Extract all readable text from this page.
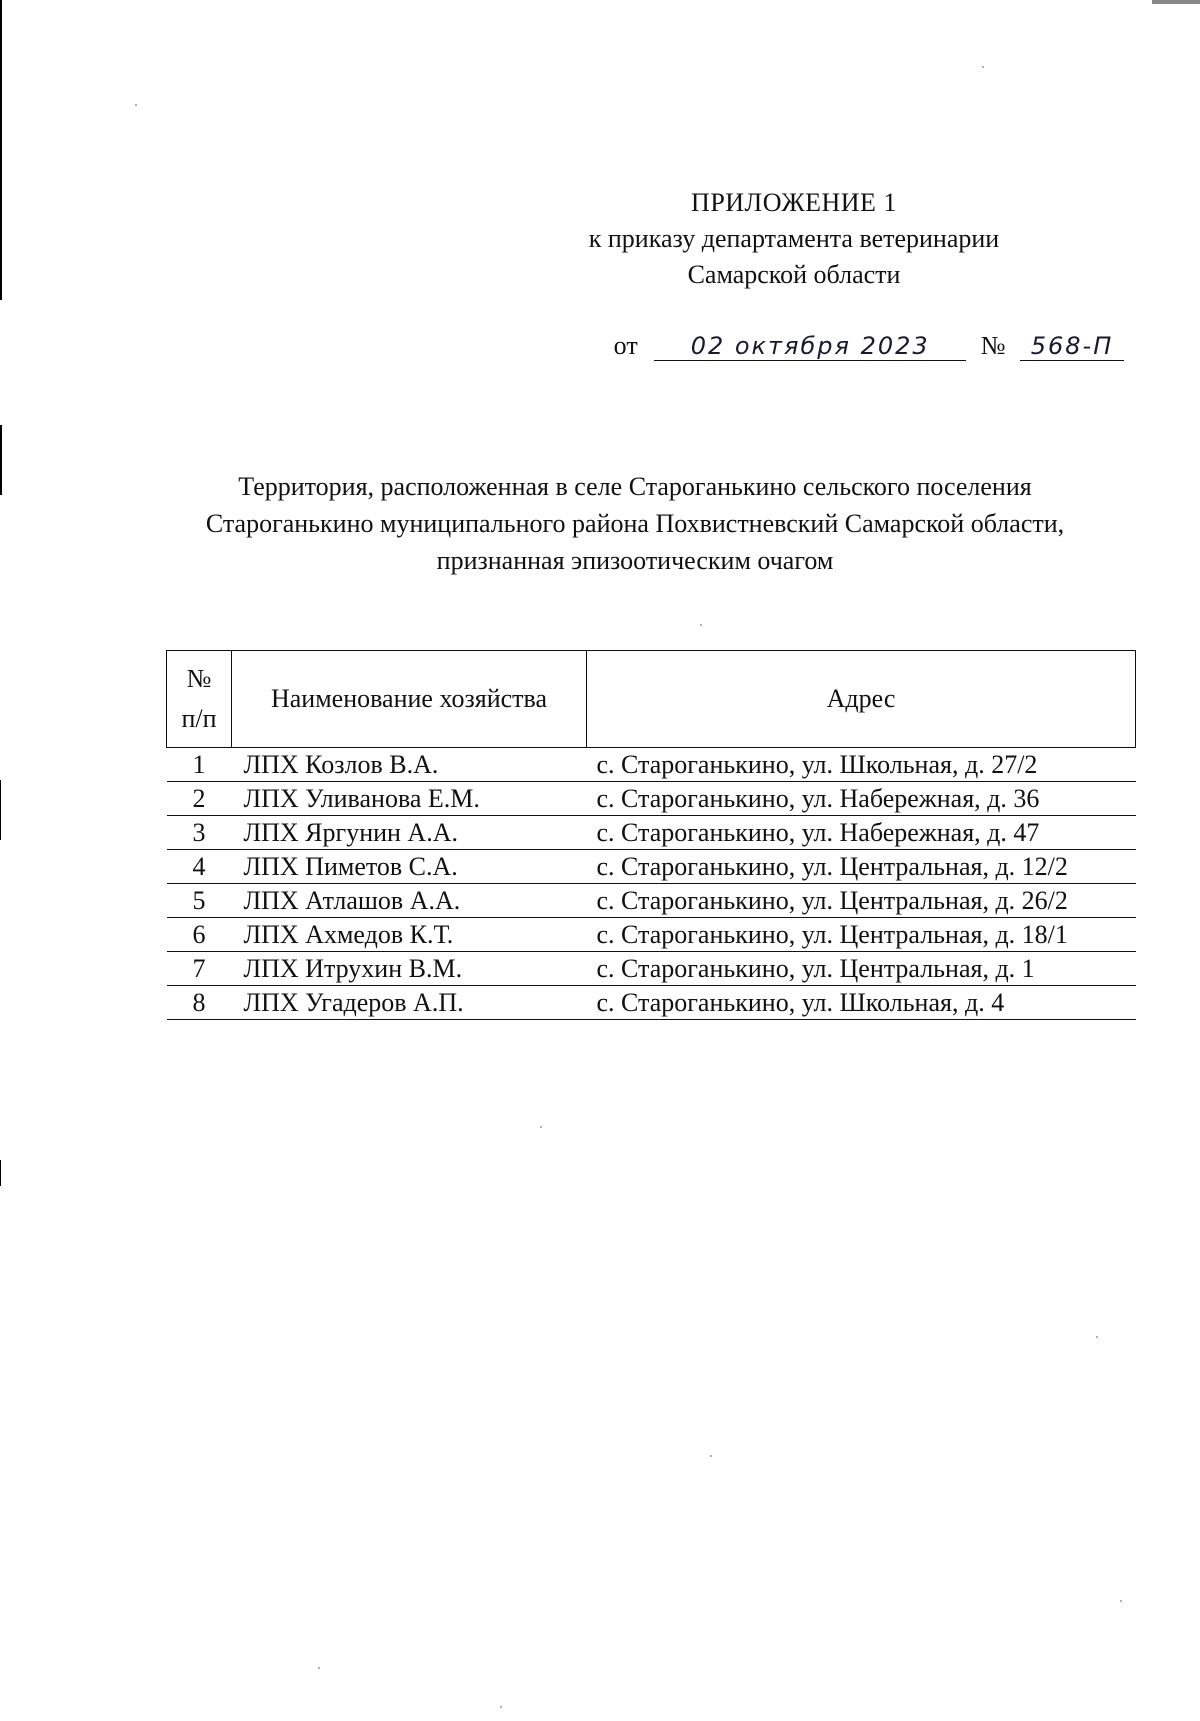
ПРИЛОЖЕНИЕ 1
к приказу департамента ветеринарии
Самарской области
от 02 октября 2023 № 568-П
Территория, расположенная в селе Староганькино сельского поселения
Староганькино муниципального района Похвистневский Самарской области,
признанная эпизоотическим очагом
№
п/п	Наименование хозяйства	Адрес
1	ЛПХ Козлов В.А.	с. Староганькино, ул. Школьная, д. 27/2
2	ЛПХ Уливанова Е.М.	с. Староганькино, ул. Набережная, д. 36
3	ЛПХ Яргунин А.А.	с. Староганькино, ул. Набережная, д. 47
4	ЛПХ Пиметов С.А.	с. Староганькино, ул. Центральная, д. 12/2
5	ЛПХ Атлашов А.А.	с. Староганькино, ул. Центральная, д. 26/2
6	ЛПХ Ахмедов К.Т.	с. Староганькино, ул. Центральная, д. 18/1
7	ЛПХ Итрухин В.М.	с. Староганькино, ул. Центральная, д. 1
8	ЛПХ Угадеров А.П.	с. Староганькино, ул. Школьная, д. 4
